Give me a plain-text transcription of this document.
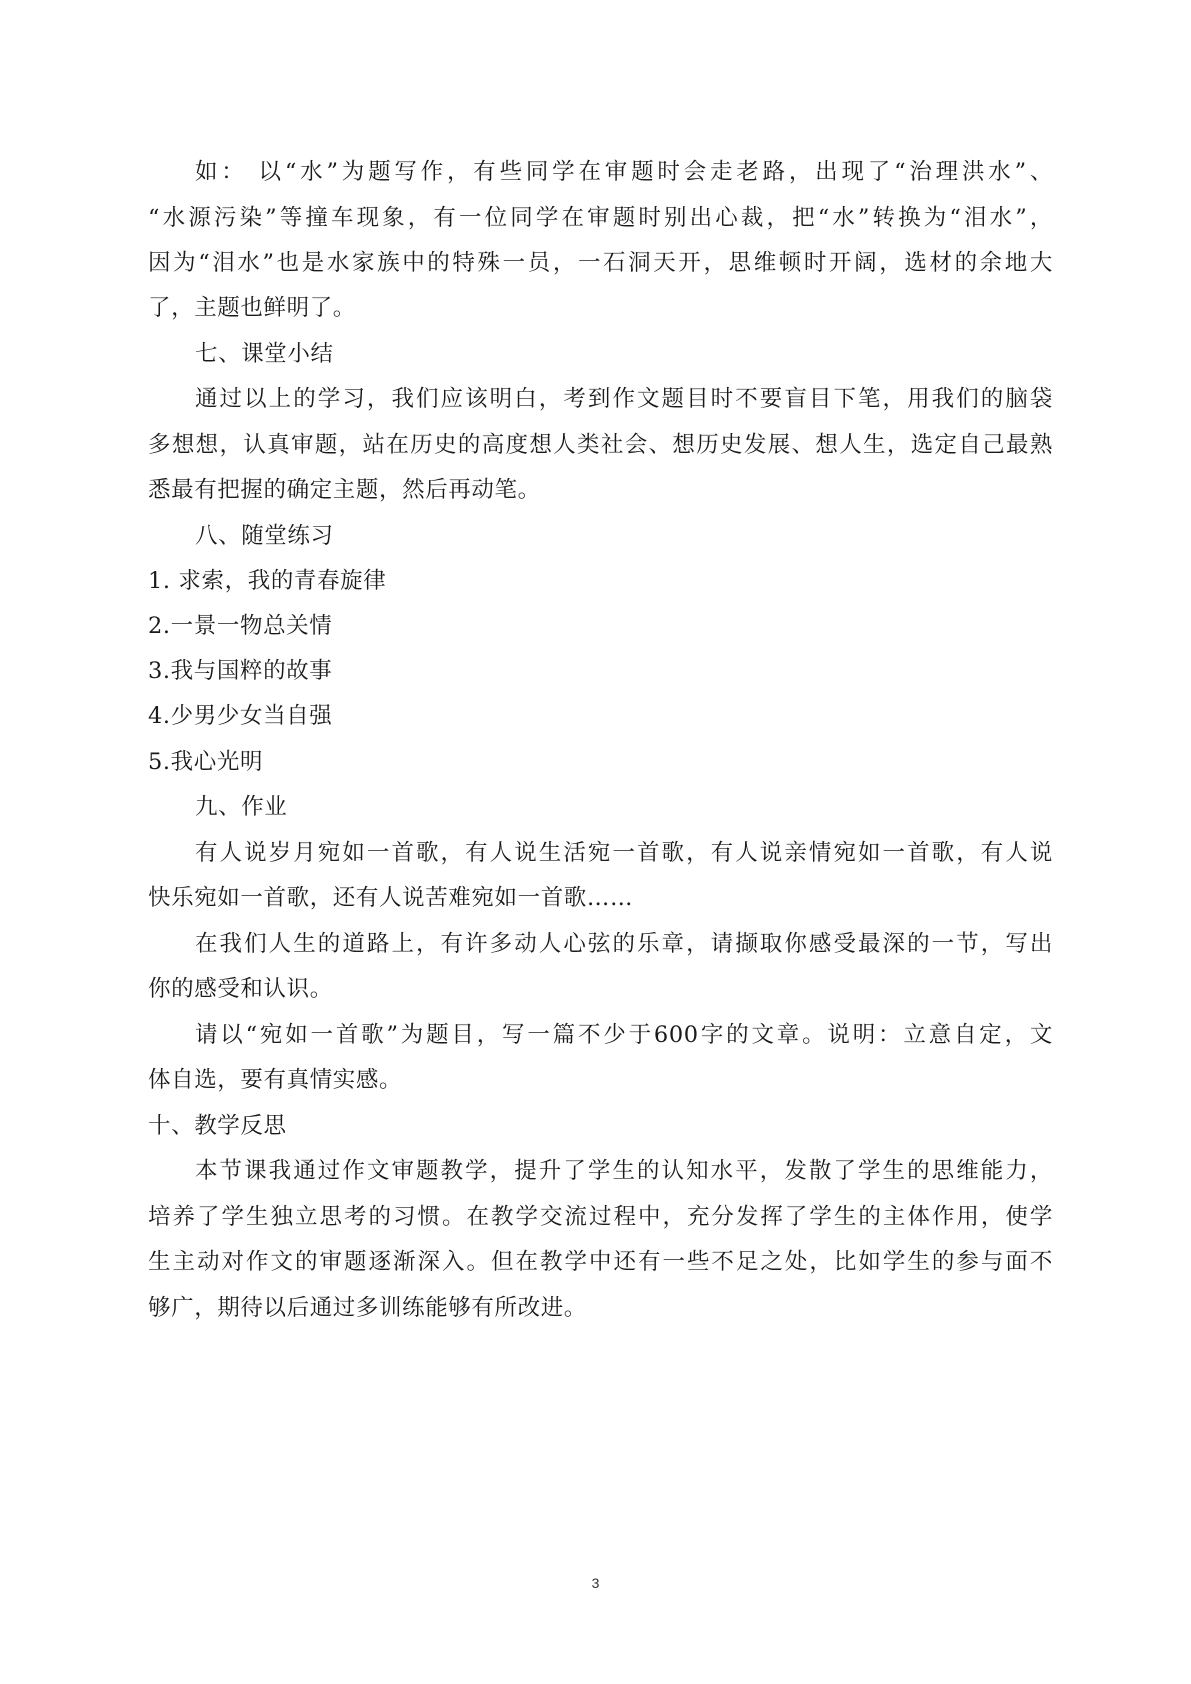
如： 以“水”为题写作，有些同学在审题时会走老路，出现了“治理洪水”、
“水源污染”等撞车现象，有一位同学在审题时别出心裁，把“水”转换为“泪水”，
因为“泪水”也是水家族中的特殊一员，一石洞天开，思维顿时开阔，选材的余地大
了，主题也鲜明了。
七、课堂小结
通过以上的学习，我们应该明白，考到作文题目时不要盲目下笔，用我们的脑袋
多想想，认真审题，站在历史的高度想人类社会、想历史发展、想人生，选定自己最熟
悉最有把握的确定主题，然后再动笔。
八、随堂练习
1. 求索，我的青春旋律
2.一景一物总关情
3.我与国粹的故事
4.少男少女当自强
5.我心光明
九、作业
有人说岁月宛如一首歌，有人说生活宛一首歌，有人说亲情宛如一首歌，有人说
快乐宛如一首歌，还有人说苦难宛如一首歌……
在我们人生的道路上，有许多动人心弦的乐章，请撷取你感受最深的一节，写出
你的感受和认识。
请以“宛如一首歌”为题目，写一篇不少于600字的文章。说明：立意自定，文
体自选，要有真情实感。
十、教学反思
本节课我通过作文审题教学，提升了学生的认知水平，发散了学生的思维能力，
培养了学生独立思考的习惯。在教学交流过程中，充分发挥了学生的主体作用，使学
生主动对作文的审题逐渐深入。但在教学中还有一些不足之处，比如学生的参与面不
够广，期待以后通过多训练能够有所改进。
3
